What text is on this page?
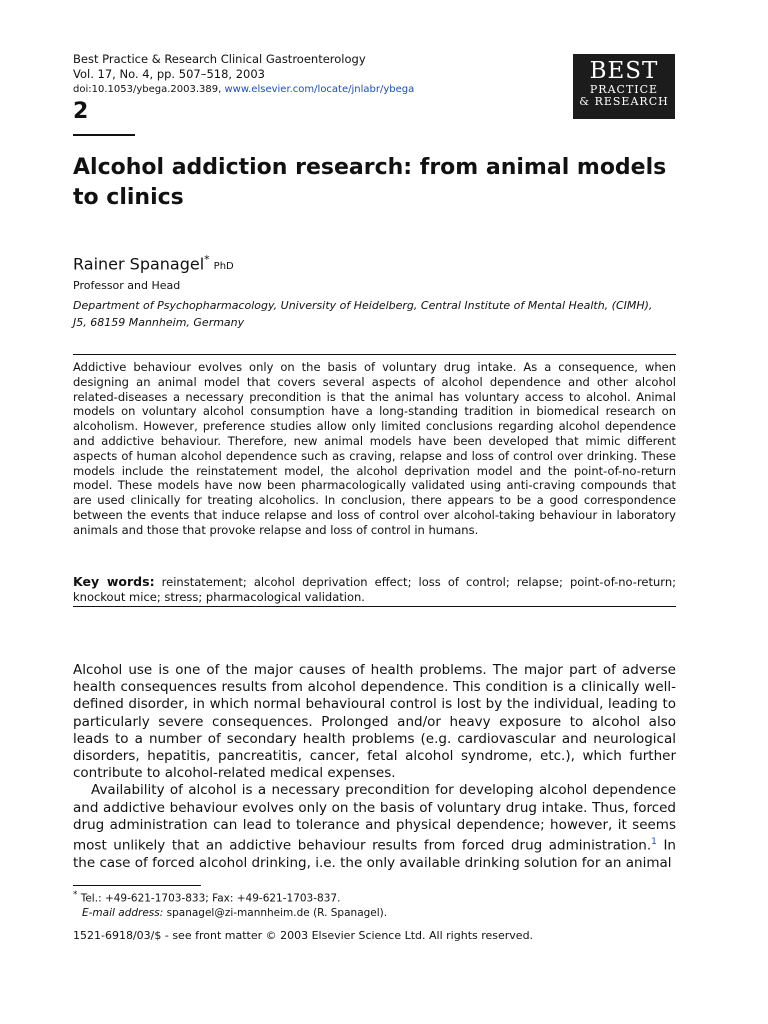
Best Practice & Research Clinical Gastroenterology
Vol. 17, No. 4, pp. 507–518, 2003
doi:10.1053/ybega.2003.389, www.elsevier.com/locate/jnlabr/ybega
BEST
PRACTICE
& RESEARCH
2
Alcohol addiction research: from animal models to clinics
Rainer Spanagel*PhD
Professor and Head
Department of Psychopharmacology, University of Heidelberg, Central Institute of Mental Health, (CIMH),
J5, 68159 Mannheim, Germany
Addictive behaviour evolves only on the basis of voluntary drug intake. As a consequence, when designing an animal model that covers several aspects of alcohol dependence and other alcohol related-diseases a necessary precondition is that the animal has voluntary access to alcohol. Animal models on voluntary alcohol consumption have a long-standing tradition in biomedical research on alcoholism. However, preference studies allow only limited conclusions regarding alcohol dependence and addictive behaviour. Therefore, new animal models have been developed that mimic different aspects of human alcohol dependence such as craving, relapse and loss of control over drinking. These models include the reinstatement model, the alcohol deprivation model and the point-of-no-return model. These models have now been pharmacologically validated using anti-craving compounds that are used clinically for treating alcoholics. In conclusion, there appears to be a good correspondence between the events that induce relapse and loss of control over alcohol-taking behaviour in laboratory animals and those that provoke relapse and loss of control in humans.
Key words: reinstatement; alcohol deprivation effect; loss of control; relapse; point-of-no-return; knockout mice; stress; pharmacological validation.

Alcohol use is one of the major causes of health problems. The major part of adverse health consequences results from alcohol dependence. This condition is a clinically well-defined disorder, in which normal behavioural control is lost by the individual, leading to particularly severe consequences. Prolonged and/or heavy exposure to alcohol also leads to a number of secondary health problems (e.g. cardiovascular and neurological disorders, hepatitis, pancreatitis, cancer, fetal alcohol syndrome, etc.), which further contribute to alcohol-related medical expenses.

Availability of alcohol is a necessary precondition for developing alcohol dependence and addictive behaviour evolves only on the basis of voluntary drug intake. Thus, forced drug administration can lead to tolerance and physical dependence; however, it seems most unlikely that an addictive behaviour results from forced drug administration.$^1$ In the case of forced alcohol drinking, i.e. the only available drinking solution for an animal

* Tel.: +49-621-1703-833; Fax: +49-621-1703-837.
E-mail address: spanagel@zi-mannheim.de (R. Spanagel).
1521-6918/03/$ - see front matter © 2003 Elsevier Science Ltd. All rights reserved.
